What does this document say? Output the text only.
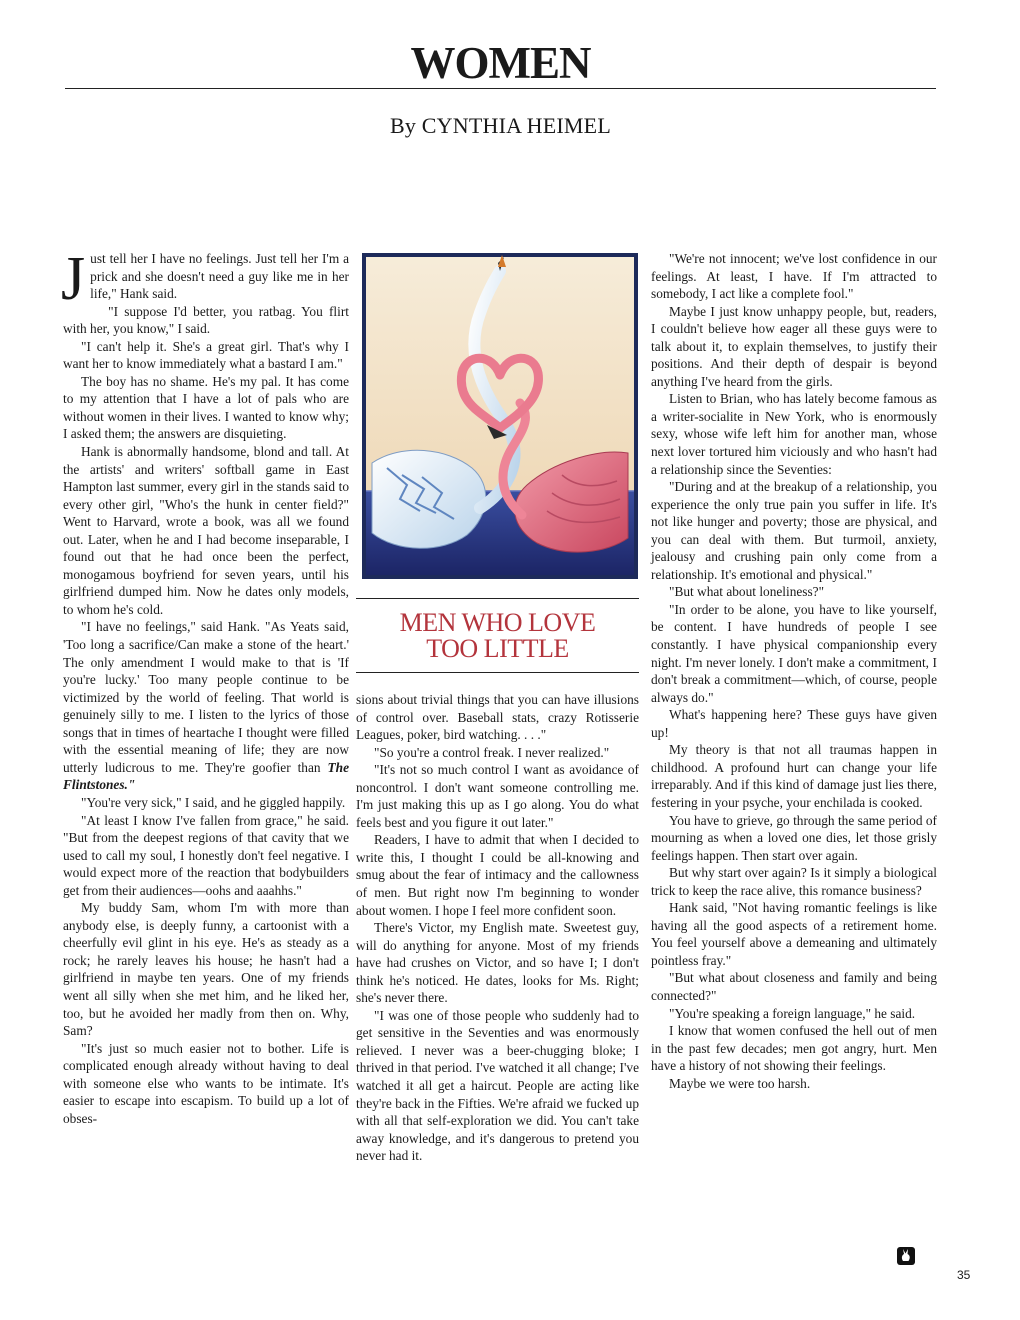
WOMEN
By CYNTHIA HEIMEL

Just tell her I have no feelings. Just tell her I'm a prick and she doesn't need a guy like me in her life," Hank said.

"I suppose I'd better, you ratbag. You flirt with her, you know," I said.

"I can't help it. She's a great girl. That's why I want her to know immediately what a bastard I am."

The boy has no shame. He's my pal. It has come to my attention that I have a lot of pals who are without women in their lives. I wanted to know why; I asked them; the answers are disquieting.

Hank is abnormally handsome, blond and tall. At the artists' and writers' softball game in East Hampton last summer, every girl in the stands said to every other girl, "Who's the hunk in center field?" Went to Harvard, wrote a book, was all we found out. Later, when he and I had become inseparable, I found out that he had once been the perfect, monogamous boyfriend for seven years, until his girlfriend dumped him. Now he dates only models, to whom he's cold.

"I have no feelings," said Hank. "As Yeats said, 'Too long a sacrifice/Can make a stone of the heart.' The only amendment I would make to that is 'If you're lucky.' Too many people continue to be victimized by the world of feeling. That world is genuinely silly to me. I listen to the lyrics of those songs that in times of heartache I thought were filled with the essential meaning of life; they are now utterly ludicrous to me. They're goofier than The Flintstones."

"You're very sick," I said, and he giggled happily.

"At least I know I've fallen from grace," he said. "But from the deepest regions of that cavity that we used to call my soul, I honestly don't feel negative. I would expect more of the reaction that bodybuilders get from their audiences—oohs and aaahhs."

My buddy Sam, whom I'm with more than anybody else, is deeply funny, a cartoonist with a cheerfully evil glint in his eye. He's as steady as a rock; he rarely leaves his house; he hasn't had a girlfriend in maybe ten years. One of my friends went all silly when she met him, and he liked her, too, but he avoided her madly from then on. Why, Sam?

"It's just so much easier not to bother. Life is complicated enough already without having to deal with someone else who wants to be intimate. It's easier to escape into escapism. To build up a lot of obses-

MEN WHO LOVE
TOO LITTLE

sions about trivial things that you can have illusions of control over. Baseball stats, crazy Rotisserie Leagues, poker, bird watching. . . ."

"So you're a control freak. I never realized."

"It's not so much control I want as avoidance of noncontrol. I don't want someone controlling me. I'm just making this up as I go along. You do what feels best and you figure it out later."

Readers, I have to admit that when I decided to write this, I thought I could be all-knowing and smug about the fear of intimacy and the callowness of men. But right now I'm beginning to wonder about women. I hope I feel more confident soon.

There's Victor, my English mate. Sweetest guy, will do anything for anyone. Most of my friends have had crushes on Victor, and so have I; I don't think he's noticed. He dates, looks for Ms. Right; she's never there.

"I was one of those people who suddenly had to get sensitive in the Seventies and was enormously relieved. I never was a beer-chugging bloke; I thrived in that period. I've watched it all change; I've watched it all get a haircut. People are acting like they're back in the Fifties. We're afraid we fucked up with all that self-exploration we did. You can't take away knowledge, and it's dangerous to pretend you never had it.

"We're not innocent; we've lost confidence in our feelings. At least, I have. If I'm attracted to somebody, I act like a complete fool."

Maybe I just know unhappy people, but, readers, I couldn't believe how eager all these guys were to talk about it, to explain themselves, to justify their positions. And their depth of despair is beyond anything I've heard from the girls.

Listen to Brian, who has lately become famous as a writer-socialite in New York, who is enormously sexy, whose wife left him for another man, whose next lover tortured him viciously and who hasn't had a relationship since the Seventies:

"During and at the breakup of a relationship, you experience the only true pain you suffer in life. It's not like hunger and poverty; those are physical, and you can deal with them. But turmoil, anxiety, jealousy and crushing pain only come from a relationship. It's emotional and physical."

"But what about loneliness?"

"In order to be alone, you have to like yourself, be content. I have hundreds of people I see constantly. I have physical companionship every night. I'm never lonely. I don't make a commitment, I don't break a commitment—which, of course, people always do."

What's happening here? These guys have given up!

My theory is that not all traumas happen in childhood. A profound hurt can change your life irreparably. And if this kind of damage just lies there, festering in your psyche, your enchilada is cooked.

You have to grieve, go through the same period of mourning as when a loved one dies, let those grisly feelings happen. Then start over again.

But why start over again? Is it simply a biological trick to keep the race alive, this romance business?

Hank said, "Not having romantic feelings is like having all the good aspects of a retirement home. You feel yourself above a demeaning and ultimately pointless fray."

"But what about closeness and family and being connected?"

"You're speaking a foreign language," he said.

I know that women confused the hell out of men in the past few decades; men got angry, hurt. Men have a history of not showing their feelings.

Maybe we were too harsh.

35
